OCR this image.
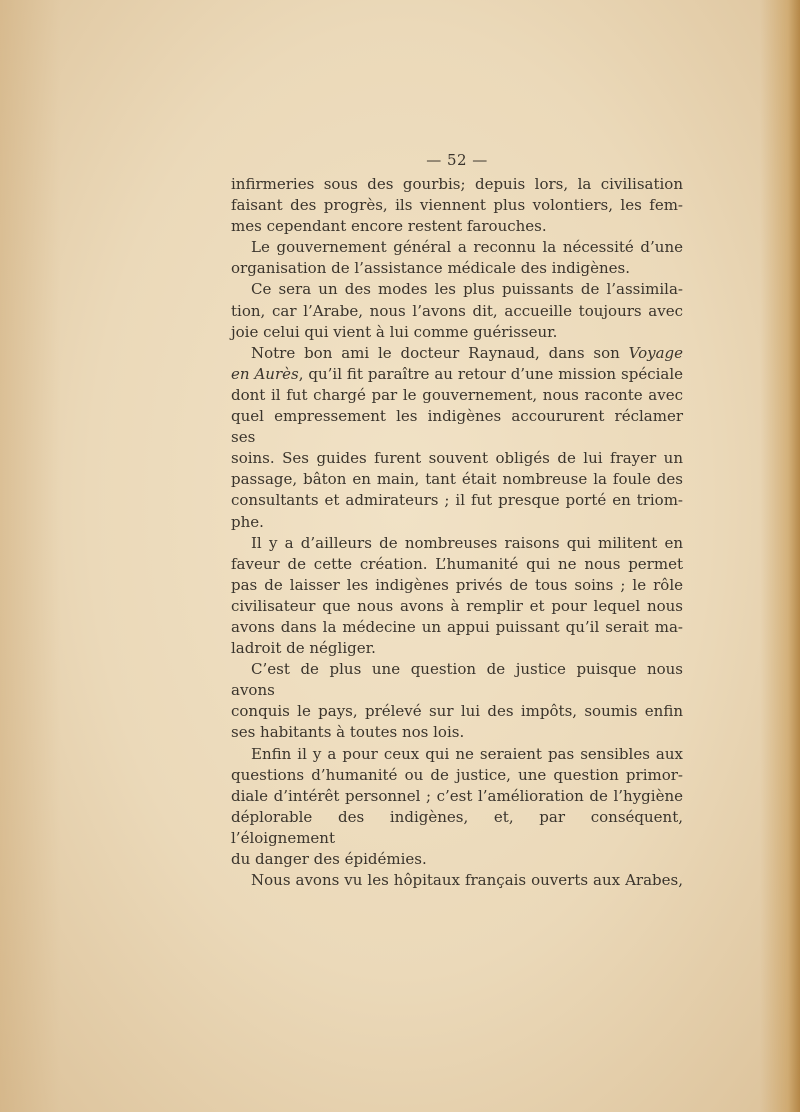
— 52 —

infirmeries sous des gourbis; depuis lors, la civilisation

faisant des progrès, ils viennent plus volontiers, les fem-

mes cependant encore restent farouches.

Le gouvernement général a reconnu la nécessité d’une

organisation de l’assistance médicale des indigènes.

Ce sera un des modes les plus puissants de l’assimila-

tion, car l’Arabe, nous l’avons dit, accueille toujours avec

joie celui qui vient à lui comme guérisseur.

Notre bon ami le docteur Raynaud, dans son Voyage

en Aurès, qu’il fit paraître au retour d’une mission spéciale

dont il fut chargé par le gouvernement, nous raconte avec

quel empressement les indigènes accoururent réclamer ses

soins. Ses guides furent souvent obligés de lui frayer un

passage, bâton en main, tant était nombreuse la foule des

consultants et admirateurs ; il fut presque porté en triom-

phe.

Il y a d’ailleurs de nombreuses raisons qui militent en

faveur de cette création. L’humanité qui ne nous permet

pas de laisser les indigènes privés de tous soins ; le rôle

civilisateur que nous avons à remplir et pour lequel nous

avons dans la médecine un appui puissant qu’il serait ma-

ladroit de négliger.

C’est de plus une question de justice puisque nous avons

conquis le pays, prélevé sur lui des impôts, soumis enfin

ses habitants à toutes nos lois.

Enfin il y a pour ceux qui ne seraient pas sensibles aux

questions d’humanité ou de justice, une question primor-

diale d’intérêt personnel ; c’est l’amélioration de l’hygiène

déplorable des indigènes, et, par conséquent, l’éloignement

du danger des épidémies.

Nous avons vu les hôpitaux français ouverts aux Arabes,
